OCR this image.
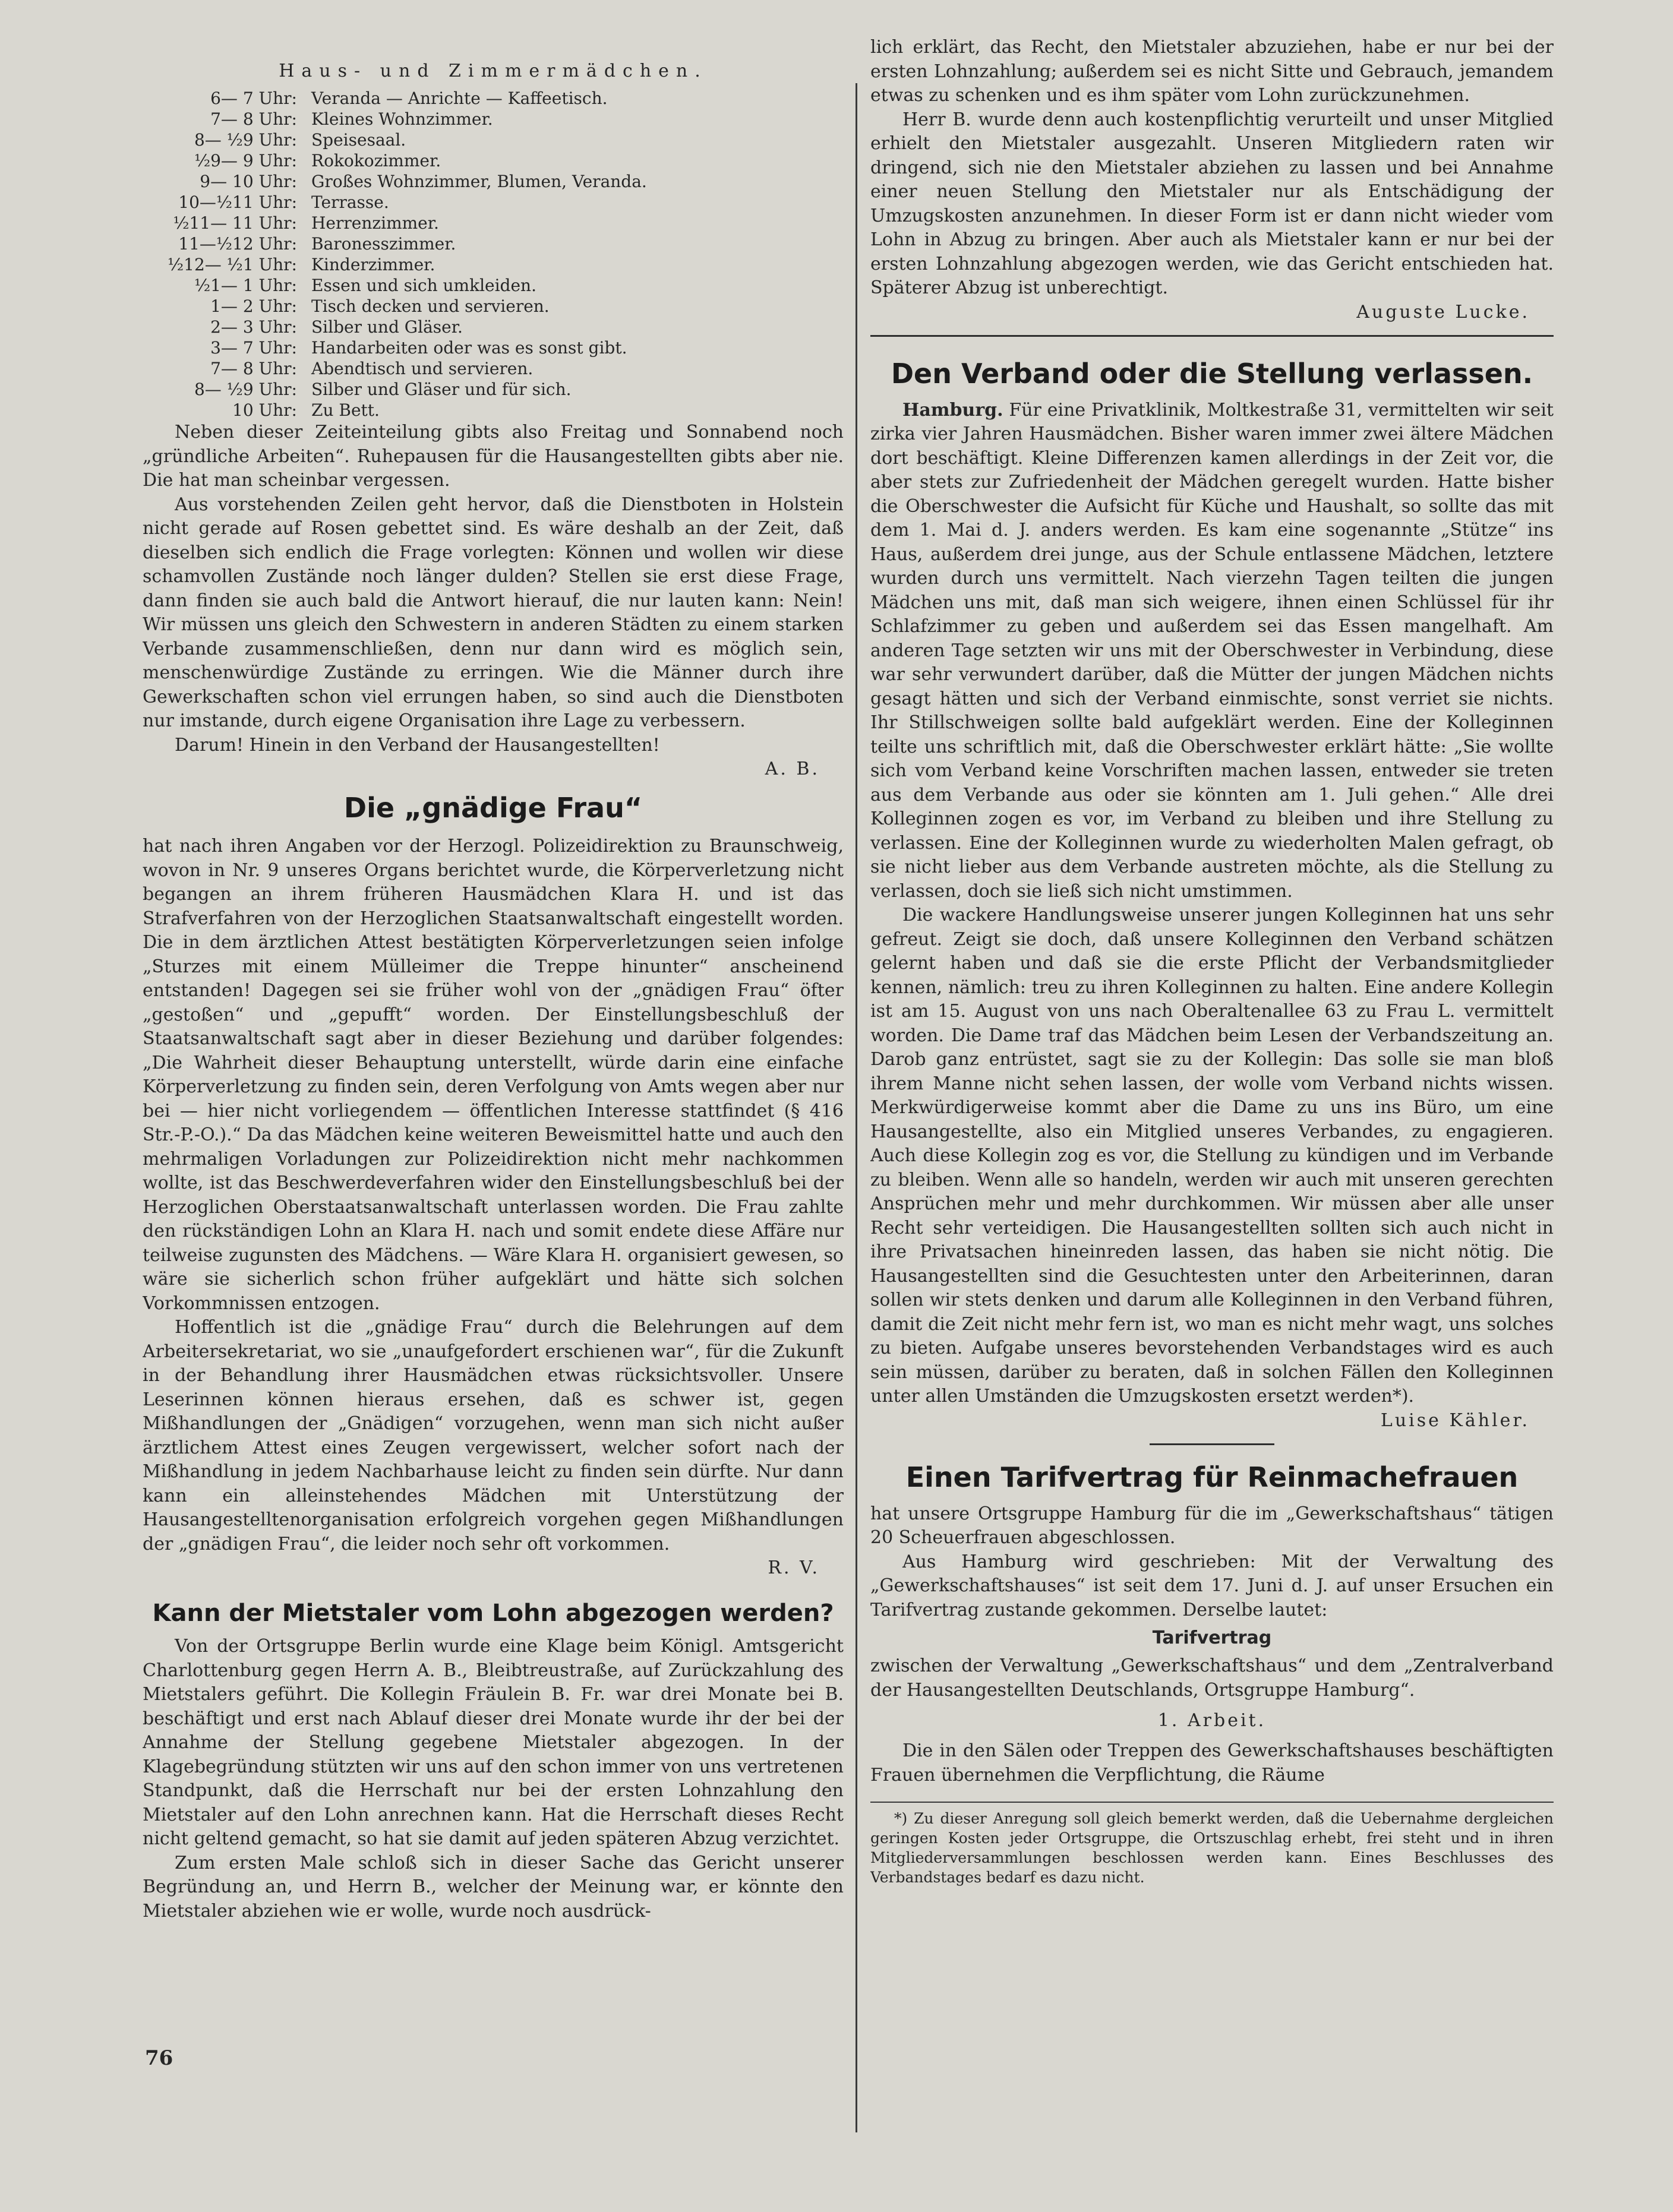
Haus- und Zimmermädchen.
6— 7 Uhr: Veranda — Anrichte — Kaffeetisch.
7— 8 Uhr: Kleines Wohnzimmer.
8— ½9 Uhr: Speisesaal.
½9— 9 Uhr: Rokokozimmer.
9— 10 Uhr: Großes Wohnzimmer, Blumen, Veranda.
10—½11 Uhr: Terrasse.
½11— 11 Uhr: Herrenzimmer.
11—½12 Uhr: Baronesszimmer.
½12— ½1 Uhr: Kinderzimmer.
½1— 1 Uhr: Essen und sich umkleiden.
1— 2 Uhr: Tisch decken und servieren.
2— 3 Uhr: Silber und Gläser.
3— 7 Uhr: Handarbeiten oder was es sonst gibt.
7— 8 Uhr: Abendtisch und servieren.
8— ½9 Uhr: Silber und Gläser und für sich.
10 Uhr: Zu Bett.

Neben dieser Zeiteinteilung gibts also Freitag und Sonnabend noch „gründliche Arbeiten“. Ruhepausen für die Hausangestellten gibts aber nie. Die hat man scheinbar vergessen.

Aus vorstehenden Zeilen geht hervor, daß die Dienstboten in Holstein nicht gerade auf Rosen gebettet sind. Es wäre deshalb an der Zeit, daß dieselben sich endlich die Frage vorlegten: Können und wollen wir diese schamvollen Zustände noch länger dulden? Stellen sie erst diese Frage, dann finden sie auch bald die Antwort hierauf, die nur lauten kann: Nein! Wir müssen uns gleich den Schwestern in anderen Städten zu einem starken Verbande zusammenschließen, denn nur dann wird es möglich sein, menschenwürdige Zustände zu erringen. Wie die Männer durch ihre Gewerkschaften schon viel errungen haben, so sind auch die Dienstboten nur imstande, durch eigene Organisation ihre Lage zu verbessern.

Darum! Hinein in den Verband der Hausangestellten!

A. B.

Die „gnädige Frau“

hat nach ihren Angaben vor der Herzogl. Polizeidirektion zu Braunschweig, wovon in Nr. 9 unseres Organs berichtet wurde, die Körperverletzung nicht begangen an ihrem früheren Hausmädchen Klara H. und ist das Strafverfahren von der Herzoglichen Staatsanwaltschaft eingestellt worden. Die in dem ärztlichen Attest bestätigten Körperverletzungen seien infolge „Sturzes mit einem Mülleimer die Treppe hinunter“ anscheinend entstanden! Dagegen sei sie früher wohl von der „gnädigen Frau“ öfter „gestoßen“ und „gepufft“ worden. Der Einstellungsbeschluß der Staatsanwaltschaft sagt aber in dieser Beziehung und darüber folgendes: „Die Wahrheit dieser Behauptung unterstellt, würde darin eine einfache Körperverletzung zu finden sein, deren Verfolgung von Amts wegen aber nur bei — hier nicht vorliegendem — öffentlichen Interesse stattfindet (§ 416 Str.-P.-O.).“ Da das Mädchen keine weiteren Beweismittel hatte und auch den mehrmaligen Vorladungen zur Polizeidirektion nicht mehr nachkommen wollte, ist das Beschwerdeverfahren wider den Einstellungsbeschluß bei der Herzoglichen Oberstaatsanwaltschaft unterlassen worden. Die Frau zahlte den rückständigen Lohn an Klara H. nach und somit endete diese Affäre nur teilweise zugunsten des Mädchens. — Wäre Klara H. organisiert gewesen, so wäre sie sicherlich schon früher aufgeklärt und hätte sich solchen Vorkommnissen entzogen.

Hoffentlich ist die „gnädige Frau“ durch die Belehrungen auf dem Arbeitersekretariat, wo sie „unaufgefordert erschienen war“, für die Zukunft in der Behandlung ihrer Hausmädchen etwas rücksichtsvoller. Unsere Leserinnen können hieraus ersehen, daß es schwer ist, gegen Mißhandlungen der „Gnädigen“ vorzugehen, wenn man sich nicht außer ärztlichem Attest eines Zeugen vergewissert, welcher sofort nach der Mißhandlung in jedem Nachbarhause leicht zu finden sein dürfte. Nur dann kann ein alleinstehendes Mädchen mit Unterstützung der Hausangestelltenorganisation erfolgreich vorgehen gegen Mißhandlungen der „gnädigen Frau“, die leider noch sehr oft vorkommen.

R. V.

Kann der Mietstaler vom Lohn abgezogen werden?

Von der Ortsgruppe Berlin wurde eine Klage beim Königl. Amtsgericht Charlottenburg gegen Herrn A. B., Bleibtreustraße, auf Zurückzahlung des Mietstalers geführt. Die Kollegin Fräulein B. Fr. war drei Monate bei B. beschäftigt und erst nach Ablauf dieser drei Monate wurde ihr der bei der Annahme der Stellung gegebene Mietstaler abgezogen. In der Klagebegründung stützten wir uns auf den schon immer von uns vertretenen Standpunkt, daß die Herrschaft nur bei der ersten Lohnzahlung den Mietstaler auf den Lohn anrechnen kann. Hat die Herrschaft dieses Recht nicht geltend gemacht, so hat sie damit auf jeden späteren Abzug verzichtet.

Zum ersten Male schloß sich in dieser Sache das Gericht unserer Begründung an, und Herrn B., welcher der Meinung war, er könnte den Mietstaler abziehen wie er wolle, wurde noch ausdrück-

lich erklärt, das Recht, den Mietstaler abzuziehen, habe er nur bei der ersten Lohnzahlung; außerdem sei es nicht Sitte und Gebrauch, jemandem etwas zu schenken und es ihm später vom Lohn zurückzunehmen.

Herr B. wurde denn auch kostenpflichtig verurteilt und unser Mitglied erhielt den Mietstaler ausgezahlt. Unseren Mitgliedern raten wir dringend, sich nie den Mietstaler abziehen zu lassen und bei Annahme einer neuen Stellung den Mietstaler nur als Entschädigung der Umzugskosten anzunehmen. In dieser Form ist er dann nicht wieder vom Lohn in Abzug zu bringen. Aber auch als Mietstaler kann er nur bei der ersten Lohnzahlung abgezogen werden, wie das Gericht entschieden hat. Späterer Abzug ist unberechtigt.

Auguste Lucke.

Den Verband oder die Stellung verlassen.

Hamburg. Für eine Privatklinik, Moltkestraße 31, vermittelten wir seit zirka vier Jahren Hausmädchen. Bisher waren immer zwei ältere Mädchen dort beschäftigt. Kleine Differenzen kamen allerdings in der Zeit vor, die aber stets zur Zufriedenheit der Mädchen geregelt wurden. Hatte bisher die Oberschwester die Aufsicht für Küche und Haushalt, so sollte das mit dem 1. Mai d. J. anders werden. Es kam eine sogenannte „Stütze“ ins Haus, außerdem drei junge, aus der Schule entlassene Mädchen, letztere wurden durch uns vermittelt. Nach vierzehn Tagen teilten die jungen Mädchen uns mit, daß man sich weigere, ihnen einen Schlüssel für ihr Schlafzimmer zu geben und außerdem sei das Essen mangelhaft. Am anderen Tage setzten wir uns mit der Oberschwester in Verbindung, diese war sehr verwundert darüber, daß die Mütter der jungen Mädchen nichts gesagt hätten und sich der Verband einmischte, sonst verriet sie nichts. Ihr Stillschweigen sollte bald aufgeklärt werden. Eine der Kolleginnen teilte uns schriftlich mit, daß die Oberschwester erklärt hätte: „Sie wollte sich vom Verband keine Vorschriften machen lassen, entweder sie treten aus dem Verbande aus oder sie könnten am 1. Juli gehen.“ Alle drei Kolleginnen zogen es vor, im Verband zu bleiben und ihre Stellung zu verlassen. Eine der Kolleginnen wurde zu wiederholten Malen gefragt, ob sie nicht lieber aus dem Verbande austreten möchte, als die Stellung zu verlassen, doch sie ließ sich nicht umstimmen.

Die wackere Handlungsweise unserer jungen Kolleginnen hat uns sehr gefreut. Zeigt sie doch, daß unsere Kolleginnen den Verband schätzen gelernt haben und daß sie die erste Pflicht der Verbandsmitglieder kennen, nämlich: treu zu ihren Kolleginnen zu halten. Eine andere Kollegin ist am 15. August von uns nach Oberaltenallee 63 zu Frau L. vermittelt worden. Die Dame traf das Mädchen beim Lesen der Verbandszeitung an. Darob ganz entrüstet, sagt sie zu der Kollegin: Das solle sie man bloß ihrem Manne nicht sehen lassen, der wolle vom Verband nichts wissen. Merkwürdigerweise kommt aber die Dame zu uns ins Büro, um eine Hausangestellte, also ein Mitglied unseres Verbandes, zu engagieren. Auch diese Kollegin zog es vor, die Stellung zu kündigen und im Verbande zu bleiben. Wenn alle so handeln, werden wir auch mit unseren gerechten Ansprüchen mehr und mehr durchkommen. Wir müssen aber alle unser Recht sehr verteidigen. Die Hausangestellten sollten sich auch nicht in ihre Privatsachen hineinreden lassen, das haben sie nicht nötig. Die Hausangestellten sind die Gesuchtesten unter den Arbeiterinnen, daran sollen wir stets denken und darum alle Kolleginnen in den Verband führen, damit die Zeit nicht mehr fern ist, wo man es nicht mehr wagt, uns solches zu bieten. Aufgabe unseres bevorstehenden Verbandstages wird es auch sein müssen, darüber zu beraten, daß in solchen Fällen den Kolleginnen unter allen Umständen die Umzugskosten ersetzt werden*).

Luise Kähler.

Einen Tarifvertrag für Reinmachefrauen

hat unsere Ortsgruppe Hamburg für die im „Gewerkschaftshaus“ tätigen 20 Scheuerfrauen abgeschlossen.

Aus Hamburg wird geschrieben: Mit der Verwaltung des „Gewerkschaftshauses“ ist seit dem 17. Juni d. J. auf unser Ersuchen ein Tarifvertrag zustande gekommen. Derselbe lautet:

Tarifvertrag

zwischen der Verwaltung „Gewerkschaftshaus“ und dem „Zentralverband der Hausangestellten Deutschlands, Ortsgruppe Hamburg“.

1. Arbeit.

Die in den Sälen oder Treppen des Gewerkschaftshauses beschäftigten Frauen übernehmen die Verpflichtung, die Räume

*) Zu dieser Anregung soll gleich bemerkt werden, daß die Uebernahme dergleichen geringen Kosten jeder Ortsgruppe, die Ortszuschlag erhebt, frei steht und in ihren Mitgliederversammlungen beschlossen werden kann. Eines Beschlusses des Verbandstages bedarf es dazu nicht.

76
